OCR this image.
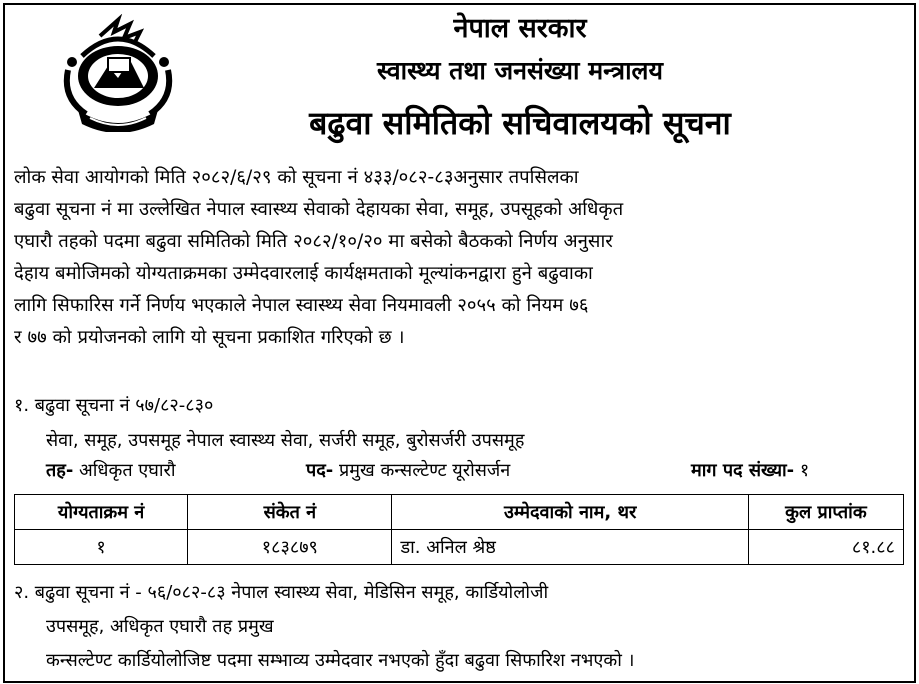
नेपाल सरकार
स्वास्थ्य तथा जनसंख्या मन्त्रालय
बढुवा समितिको सचिवालयको सूचना
लोक सेवा आयोगको मिति २०८२/६/२९ को सूचना नं ४३३/०८२-८३अनुसार तपसिलका
बढुवा सूचना नं मा उल्लेखित नेपाल स्वास्थ्य सेवाको देहायका सेवा, समूह, उपसूहको अधिकृत
एघारौ तहको पदमा बढुवा समितिको मिति २०८२/१०/२० मा बसेको बैठकको निर्णय अनुसार
देहाय बमोजिमको योग्यताक्रमका उम्मेदवारलाई कार्यक्षमताको मूल्यांकनद्वारा हुने बढुवाका
लागि सिफारिस गर्ने निर्णय भएकाले नेपाल स्वास्थ्य सेवा नियमावली २०५५ को नियम ७६
र ७७ को प्रयोजनको लागि यो सूचना प्रकाशित गरिएको छ ।
१. बढुवा सूचना नं ५७/८२-८३०
सेवा, समूह, उपसमूह नेपाल स्वास्थ्य सेवा, सर्जरी समूह, बुरोसर्जरी उपसमूह
तह- अधिकृत एघारौ	पद- प्रमुख कन्सल्टेण्ट यूरोसर्जन	माग पद संख्या- १
योग्यताक्रम नं	संकेत नं	उम्मेदवाको नाम, थर	कुल प्राप्तांक
१	१८३८७९	डा. अनिल श्रेष्ठ	८१.८८
२. बढुवा सूचना नं - ५६/०८२-८३ नेपाल स्वास्थ्य सेवा, मेडिसिन समूह, कार्डियोलोजी
उपसमूह, अधिकृत एघारौ तह प्रमुख
कन्सल्टेण्ट कार्डियोलोजिष्ट पदमा सम्भाव्य उम्मेदवार नभएको हुँदा बढुवा सिफारिश नभएको ।
